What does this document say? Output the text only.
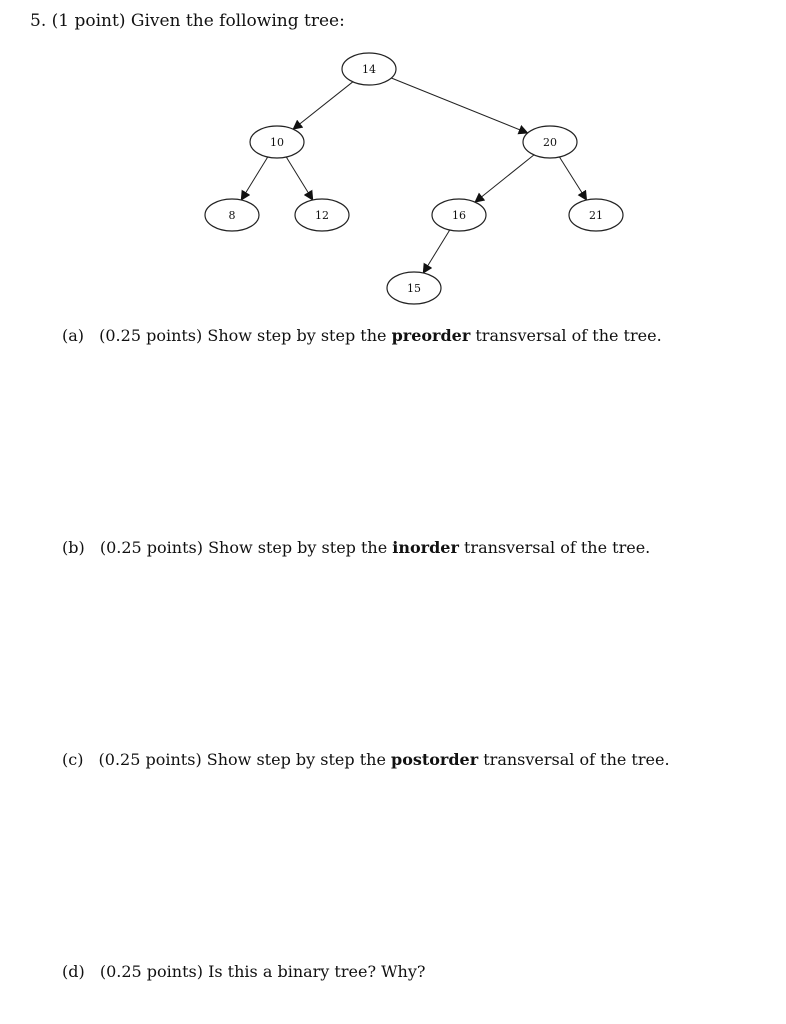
5. (1 point) Given the following tree:
14
10	20
8	12	16	21
15
(a) (0.25 points) Show step by step the preorder transversal of the tree.
(b) (0.25 points) Show step by step the inorder transversal of the tree.
(c) (0.25 points) Show step by step the postorder transversal of the tree.
(d) (0.25 points) Is this a binary tree? Why?
